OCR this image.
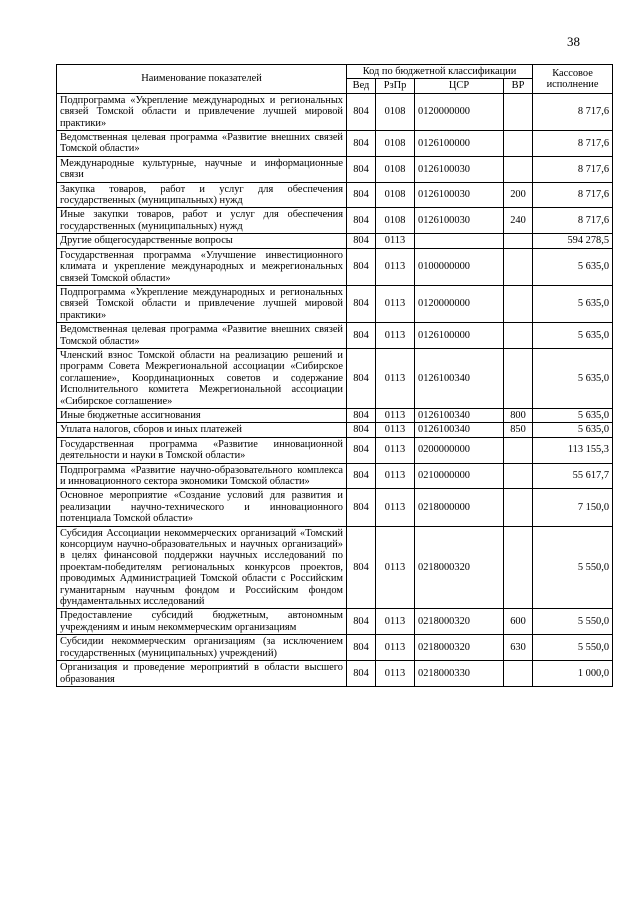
38
Наименование показателей	Код по бюджетной классификации				Кассовое исполнение
	Вед	РзПр	ЦСР	ВР	
Подпрограмма «Укрепление международных и региональных связей Томской области и привлечение лучшей мировой практики»	804	0108	0120000000		8 717,6
Ведомственная целевая программа «Развитие внешних связей Томской области»	804	0108	0126100000		8 717,6
Международные культурные, научные и информационные связи	804	0108	0126100030		8 717,6
Закупка товаров, работ и услуг для обеспечения государственных (муниципальных) нужд	804	0108	0126100030	200	8 717,6
Иные закупки товаров, работ и услуг для обеспечения государственных (муниципальных) нужд	804	0108	0126100030	240	8 717,6
Другие общегосударственные вопросы	804	0113			594 278,5
Государственная программа «Улучшение инвестиционного климата и укрепление международных и межрегиональных связей Томской области»	804	0113	0100000000		5 635,0
Подпрограмма «Укрепление международных и региональных связей Томской области и привлечение лучшей мировой практики»	804	0113	0120000000		5 635,0
Ведомственная целевая программа «Развитие внешних связей Томской области»	804	0113	0126100000		5 635,0
Членский взнос Томской области на реализацию решений и программ Совета Межрегиональной ассоциации «Сибирское соглашение», Координационных советов и содержание Исполнительного комитета Межрегиональной ассоциации «Сибирское соглашение»	804	0113	0126100340		5 635,0
Иные бюджетные ассигнования	804	0113	0126100340	800	5 635,0
Уплата налогов, сборов и иных платежей	804	0113	0126100340	850	5 635,0
Государственная программа «Развитие инновационной деятельности и науки в Томской области»	804	0113	0200000000		113 155,3
Подпрограмма «Развитие научно-образовательного комплекса и инновационного сектора экономики Томской области»	804	0113	0210000000		55 617,7
Основное мероприятие «Создание условий для развития и реализации научно-технического и инновационного потенциала Томской области»	804	0113	0218000000		7 150,0
Субсидия Ассоциации некоммерческих организаций «Томский консорциум научно-образовательных и научных организаций» в целях финансовой поддержки научных исследований по проектам-победителям региональных конкурсов проектов, проводимых Администрацией Томской области с Российским гуманитарным научным фондом и Российским фондом фундаментальных исследований	804	0113	0218000320		5 550,0
Предоставление субсидий бюджетным, автономным учреждениям и иным некоммерческим организациям	804	0113	0218000320	600	5 550,0
Субсидии некоммерческим организациям (за исключением государственных (муниципальных) учреждений)	804	0113	0218000320	630	5 550,0
Организация и проведение мероприятий в области высшего образования	804	0113	0218000330		1 000,0
